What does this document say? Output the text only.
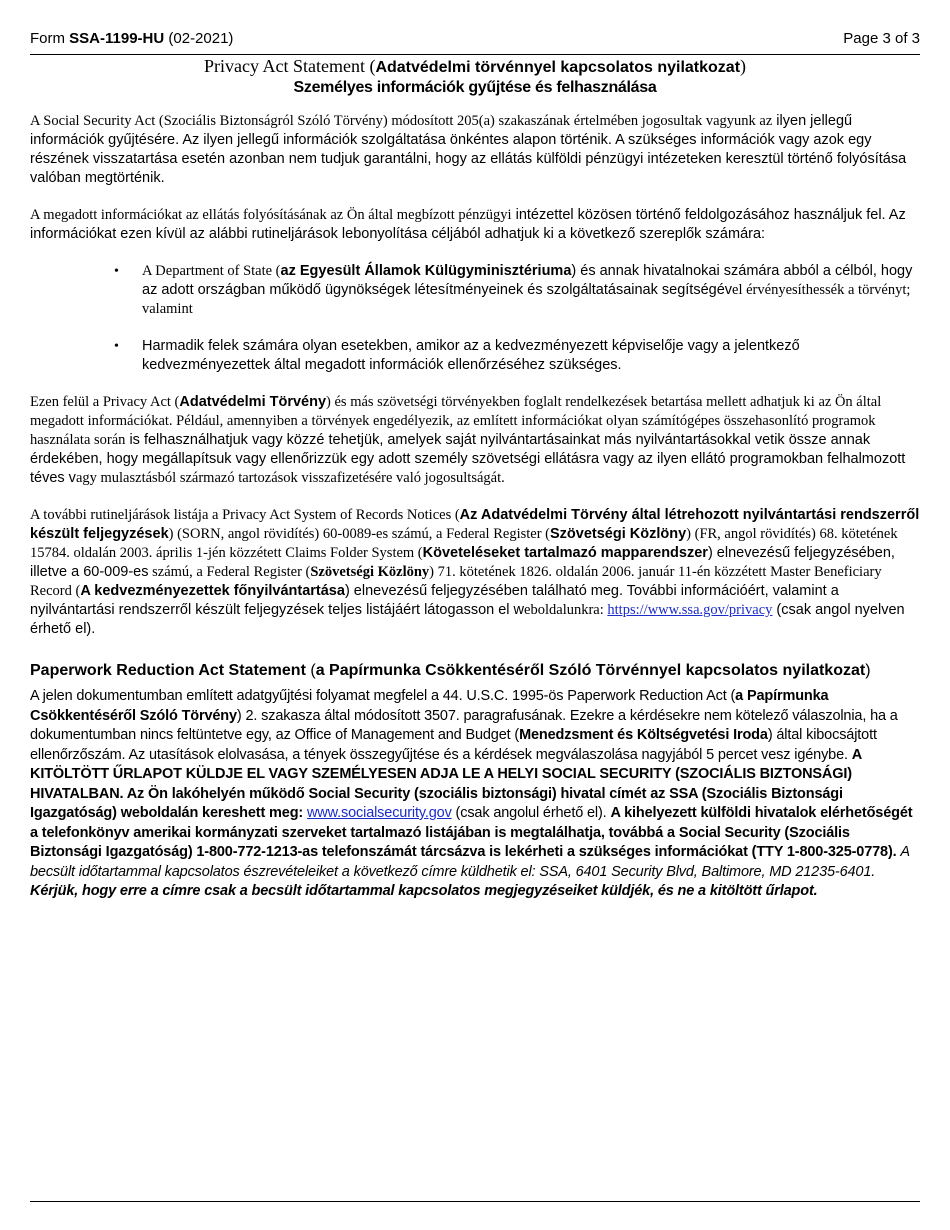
Form SSA-1199-HU (02-2021)	Page 3 of 3
Privacy Act Statement (Adatvédelmi törvénnyel kapcsolatos nyilatkozat)
Személyes információk gyűjtése és felhasználása

A Social Security Act (Szociális Biztonságról Szóló Törvény) módosított 205(a) szakaszának értelmében jogosultak vagyunk az ilyen jellegű információk gyűjtésére. Az ilyen jellegű információk szolgáltatása önkéntes alapon történik. A szükséges információk vagy azok egy részének visszatartása esetén azonban nem tudjuk garantálni, hogy az ellátás külföldi pénzügyi intézeteken keresztül történő folyósítása valóban megtörténik.

A megadott információkat az ellátás folyósításának az Ön által megbízott pénzügyi intézettel közösen történő feldolgozásához használjuk fel. Az információkat ezen kívül az alábbi rutineljárások lebonyolítása céljából adhatjuk ki a következő szereplők számára:

• A Department of State (az Egyesült Államok Külügyminisztériuma) és annak hivatalnokai számára abból a célból, hogy az adott országban működő ügynökségek létesítményeinek és szolgáltatásainak segítségével érvényesíthessék a törvényt; valamint
• Harmadik felek számára olyan esetekben, amikor az a kedvezményezett képviselője vagy a jelentkező kedvezményezettek által megadott információk ellenőrzéséhez szükséges.

Ezen felül a Privacy Act (Adatvédelmi Törvény) és más szövetségi törvényekben foglalt rendelkezések betartása mellett adhatjuk ki az Ön által megadott információkat. Például, amennyiben a törvények engedélyezik, az említett információkat olyan számítógépes összehasonlító programok használata során is felhasználhatjuk vagy közzé tehetjük, amelyek saját nyilvántartásainkat más nyilvántartásokkal vetik össze annak érdekében, hogy megállapítsuk vagy ellenőrizzük egy adott személy szövetségi ellátásra vagy az ilyen ellátó programokban felhalmozott téves vagy mulasztásból származó tartozások visszafizetésére való jogosultságát.

A további rutineljárások listája a Privacy Act System of Records Notices (Az Adatvédelmi Törvény által létrehozott nyilvántartási rendszerről készült feljegyzések) (SORN, angol rövidítés) 60-0089-es számú, a Federal Register (Szövetségi Közlöny) (FR, angol rövidítés) 68. kötetének 15784. oldalán 2003. április 1-jén közzétett Claims Folder System (Követeléseket tartalmazó mapparendszer) elnevezésű feljegyzésében, illetve a 60-009-es számú, a Federal Register (Szövetségi Közlöny) 71. kötetének 1826. oldalán 2006. január 11-én közzétett Master Beneficiary Record (A kedvezményezettek főnyilvántartása) elnevezésű feljegyzésében található meg. További információért, valamint a nyilvántartási rendszerről készült feljegyzések teljes listájáért látogasson el weboldalunkra: https://www.ssa.gov/privacy (csak angol nyelven érhető el).

Paperwork Reduction Act Statement (a Papírmunka Csökkentéséről Szóló Törvénnyel kapcsolatos nyilatkozat)

A jelen dokumentumban említett adatgyűjtési folyamat megfelel a 44. U.S.C. 1995-ös Paperwork Reduction Act (a Papírmunka Csökkentéséről Szóló Törvény) 2. szakasza által módosított 3507. paragrafusának. Ezekre a kérdésekre nem kötelező válaszolnia, ha a dokumentumban nincs feltüntetve egy, az Office of Management and Budget (Menedzsment és Költségvetési Iroda) által kibocsájtott ellenőrzőszám. Az utasítások elolvasása, a tények összegyűjtése és a kérdések megválaszolása nagyjából 5 percet vesz igénybe. A KITÖLTÖTT ŰRLAPOT KÜLDJE EL VAGY SZEMÉLYESEN ADJA LE A HELYI SOCIAL SECURITY (SZOCIÁLIS BIZTONSÁGI) HIVATALBAN. Az Ön lakóhelyén működő Social Security (szociális biztonsági) hivatal címét az SSA (Szociális Biztonsági Igazgatóság) weboldalán kereshett meg: www.socialsecurity.gov (csak angolul érhető el). A kihelyezett külföldi hivatalok elérhetőségét a telefonkönyv amerikai kormányzati szerveket tartalmazó listájában is megtalálhatja, továbbá a Social Security (Szociális Biztonsági Igazgatóság) 1-800-772-1213-as telefonszámát tárcsázva is lekérheti a szükséges információkat (TTY 1-800-325-0778). A becsült időtartammal kapcsolatos észrevételeiket a következő címre küldhetik el: SSA, 6401 Security Blvd, Baltimore, MD 21235-6401. Kérjük, hogy erre a címre csak a becsült időtartammal kapcsolatos megjegyzéseiket küldjék, és ne a kitöltött űrlapot.
